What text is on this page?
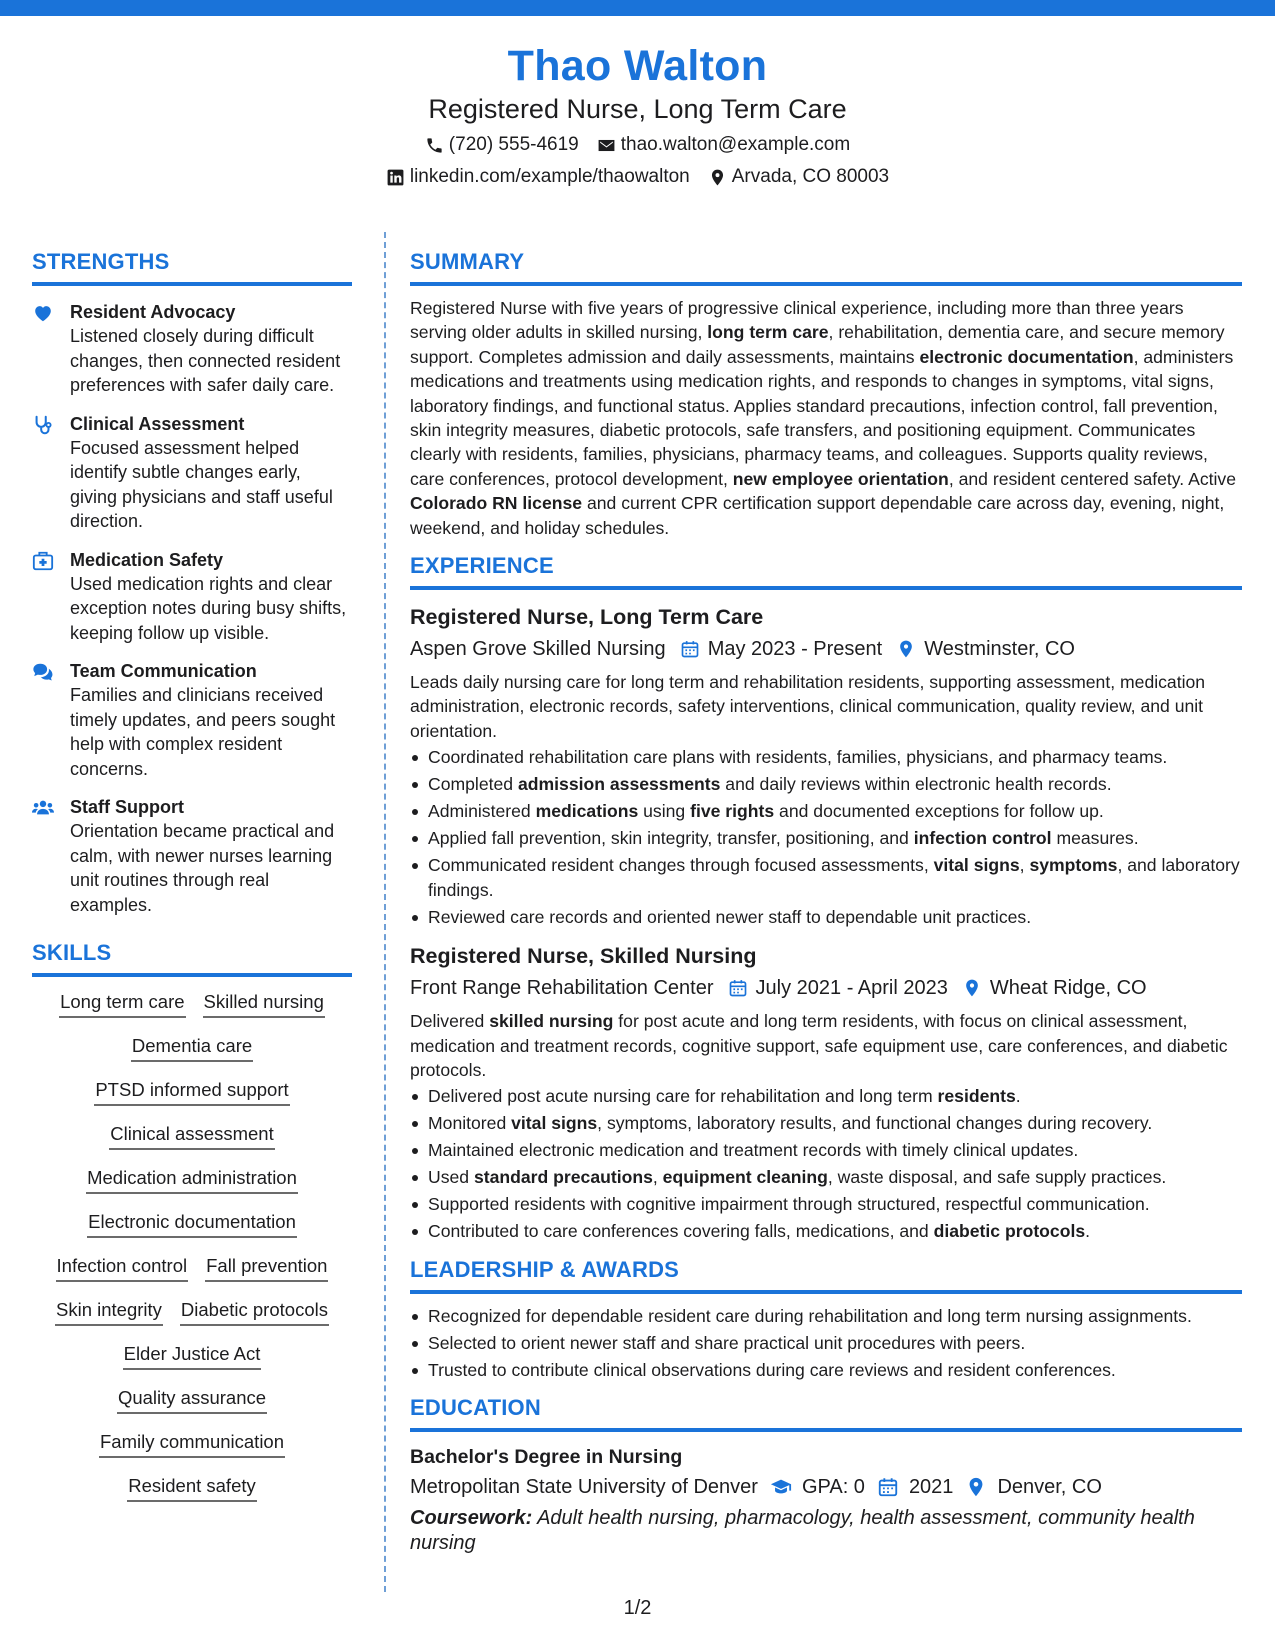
Thao Walton
Registered Nurse, Long Term Care
(720) 555-4619 thao.walton@example.com
linkedin.com/example/thaowalton Arvada, CO 80003
STRENGTHS
Resident Advocacy
Listened closely during difficult changes, then connected resident preferences with safer daily care.
Clinical Assessment
Focused assessment helped identify subtle changes early, giving physicians and staff useful direction.
Medication Safety
Used medication rights and clear exception notes during busy shifts, keeping follow up visible.
Team Communication
Families and clinicians received timely updates, and peers sought help with complex resident concerns.
Staff Support
Orientation became practical and calm, with newer nurses learning unit routines through real examples.
SKILLS
Long term care Skilled nursing
Dementia care
PTSD informed support
Clinical assessment
Medication administration
Electronic documentation
Infection control Fall prevention
Skin integrity Diabetic protocols
Elder Justice Act
Quality assurance
Family communication
Resident safety
SUMMARY

Registered Nurse with five years of progressive clinical experience, including more than three years serving older adults in skilled nursing, long term care, rehabilitation, dementia care, and secure memory support. Completes admission and daily assessments, maintains electronic documentation, administers medications and treatments using medication rights, and responds to changes in symptoms, vital signs, laboratory findings, and functional status. Applies standard precautions, infection control, fall prevention, skin integrity measures, diabetic protocols, safe transfers, and positioning equipment. Communicates clearly with residents, families, physicians, pharmacy teams, and colleagues. Supports quality reviews, care conferences, protocol development, new employee orientation, and resident centered safety. Active Colorado RN license and current CPR certification support dependable care across day, evening, night, weekend, and holiday schedules.

EXPERIENCE
Registered Nurse, Long Term Care
Aspen Grove Skilled Nursing May 2023 - Present Westminster, CO
Leads daily nursing care for long term and rehabilitation residents, supporting assessment, medication administration, electronic records, safety interventions, clinical communication, quality review, and unit orientation.
Coordinated rehabilitation care plans with residents, families, physicians, and pharmacy teams.
Completed admission assessments and daily reviews within electronic health records.
Administered medications using five rights and documented exceptions for follow up.
Applied fall prevention, skin integrity, transfer, positioning, and infection control measures.
Communicated resident changes through focused assessments, vital signs, symptoms, and laboratory findings.
Reviewed care records and oriented newer staff to dependable unit practices.
Registered Nurse, Skilled Nursing
Front Range Rehabilitation Center July 2021 - April 2023 Wheat Ridge, CO
Delivered skilled nursing for post acute and long term residents, with focus on clinical assessment, medication and treatment records, cognitive support, safe equipment use, care conferences, and diabetic protocols.
Delivered post acute nursing care for rehabilitation and long term residents.
Monitored vital signs, symptoms, laboratory results, and functional changes during recovery.
Maintained electronic medication and treatment records with timely clinical updates.
Used standard precautions, equipment cleaning, waste disposal, and safe supply practices.
Supported residents with cognitive impairment through structured, respectful communication.
Contributed to care conferences covering falls, medications, and diabetic protocols.
LEADERSHIP & AWARDS
Recognized for dependable resident care during rehabilitation and long term nursing assignments.
Selected to orient newer staff and share practical unit procedures with peers.
Trusted to contribute clinical observations during care reviews and resident conferences.
EDUCATION
Bachelor's Degree in Nursing
Metropolitan State University of Denver GPA: 0 2021 Denver, CO
Coursework: Adult health nursing, pharmacology, health assessment, community health nursing
1/2
